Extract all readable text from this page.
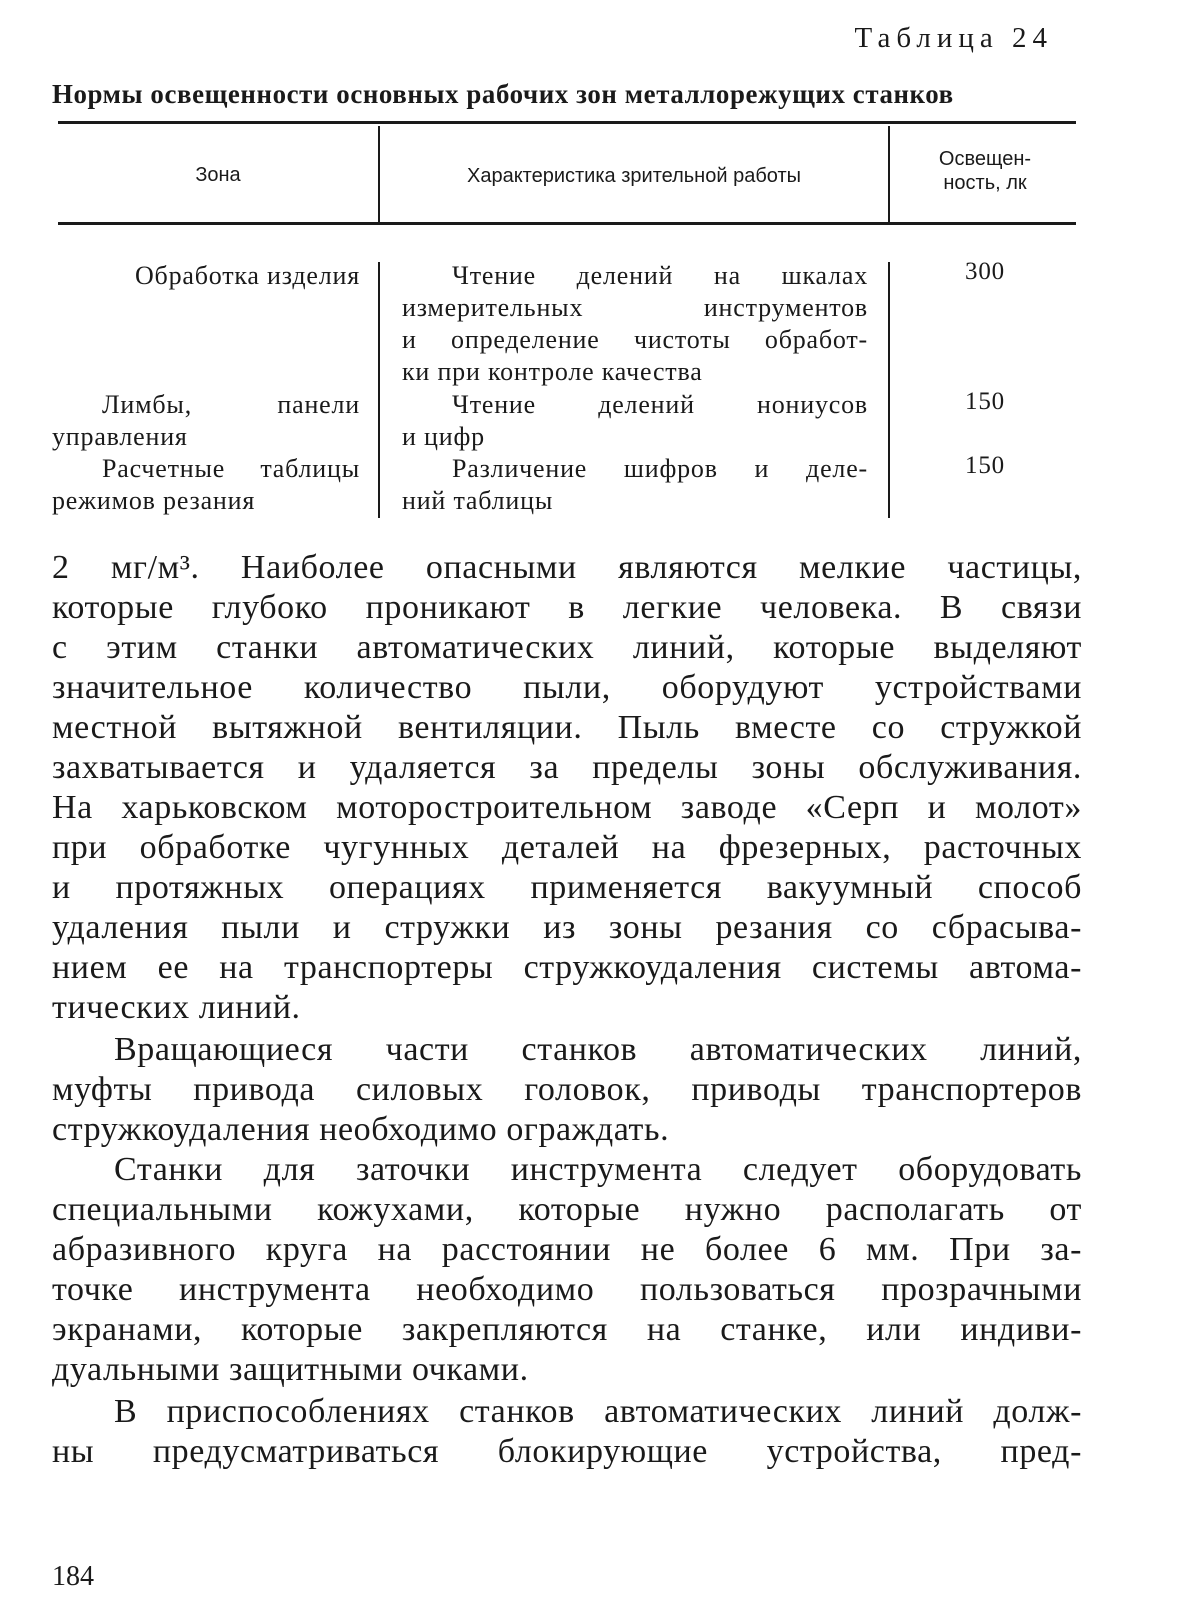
Таблица 24
Нормы освещенности основных рабочих зон металлорежущих станков
Зона	Характеристика зрительной работы
Освещен-
ность, лк
Обработка изделия	Чтение делений на шкалах
измерительных инструментов
и определение чистоты обработ-
ки при контроле качества
300
Лимбы, панели
управления
Чтение делений нониусов
и цифр
150
Расчетные таблицы
режимов резания
Различение шифров и деле-
ний таблицы
150
2 мг/м³. Наиболее опасными являются мелкие частицы,
которые глубоко проникают в легкие человека. В связи
с этим станки автоматических линий, которые выделяют
значительное количество пыли, оборудуют устройствами
местной вытяжной вентиляции. Пыль вместе со стружкой
захватывается и удаляется за пределы зоны обслуживания.
На харьковском моторостроительном заводе «Серп и молот»
при обработке чугунных деталей на фрезерных, расточных
и протяжных операциях применяется вакуумный способ
удаления пыли и стружки из зоны резания со сбрасыва-
нием ее на транспортеры стружкоудаления системы автома-
тических линий.
Вращающиеся части станков автоматических линий,
муфты привода силовых головок, приводы транспортеров
стружкоудаления необходимо ограждать.
Станки для заточки инструмента следует оборудовать
специальными кожухами, которые нужно располагать от
абразивного круга на расстоянии не более 6 мм. При за-
точке инструмента необходимо пользоваться прозрачными
экранами, которые закрепляются на станке, или индиви-
дуальными защитными очками.
В приспособлениях станков автоматических линий долж-
ны предусматриваться блокирующие устройства, пред-
184
